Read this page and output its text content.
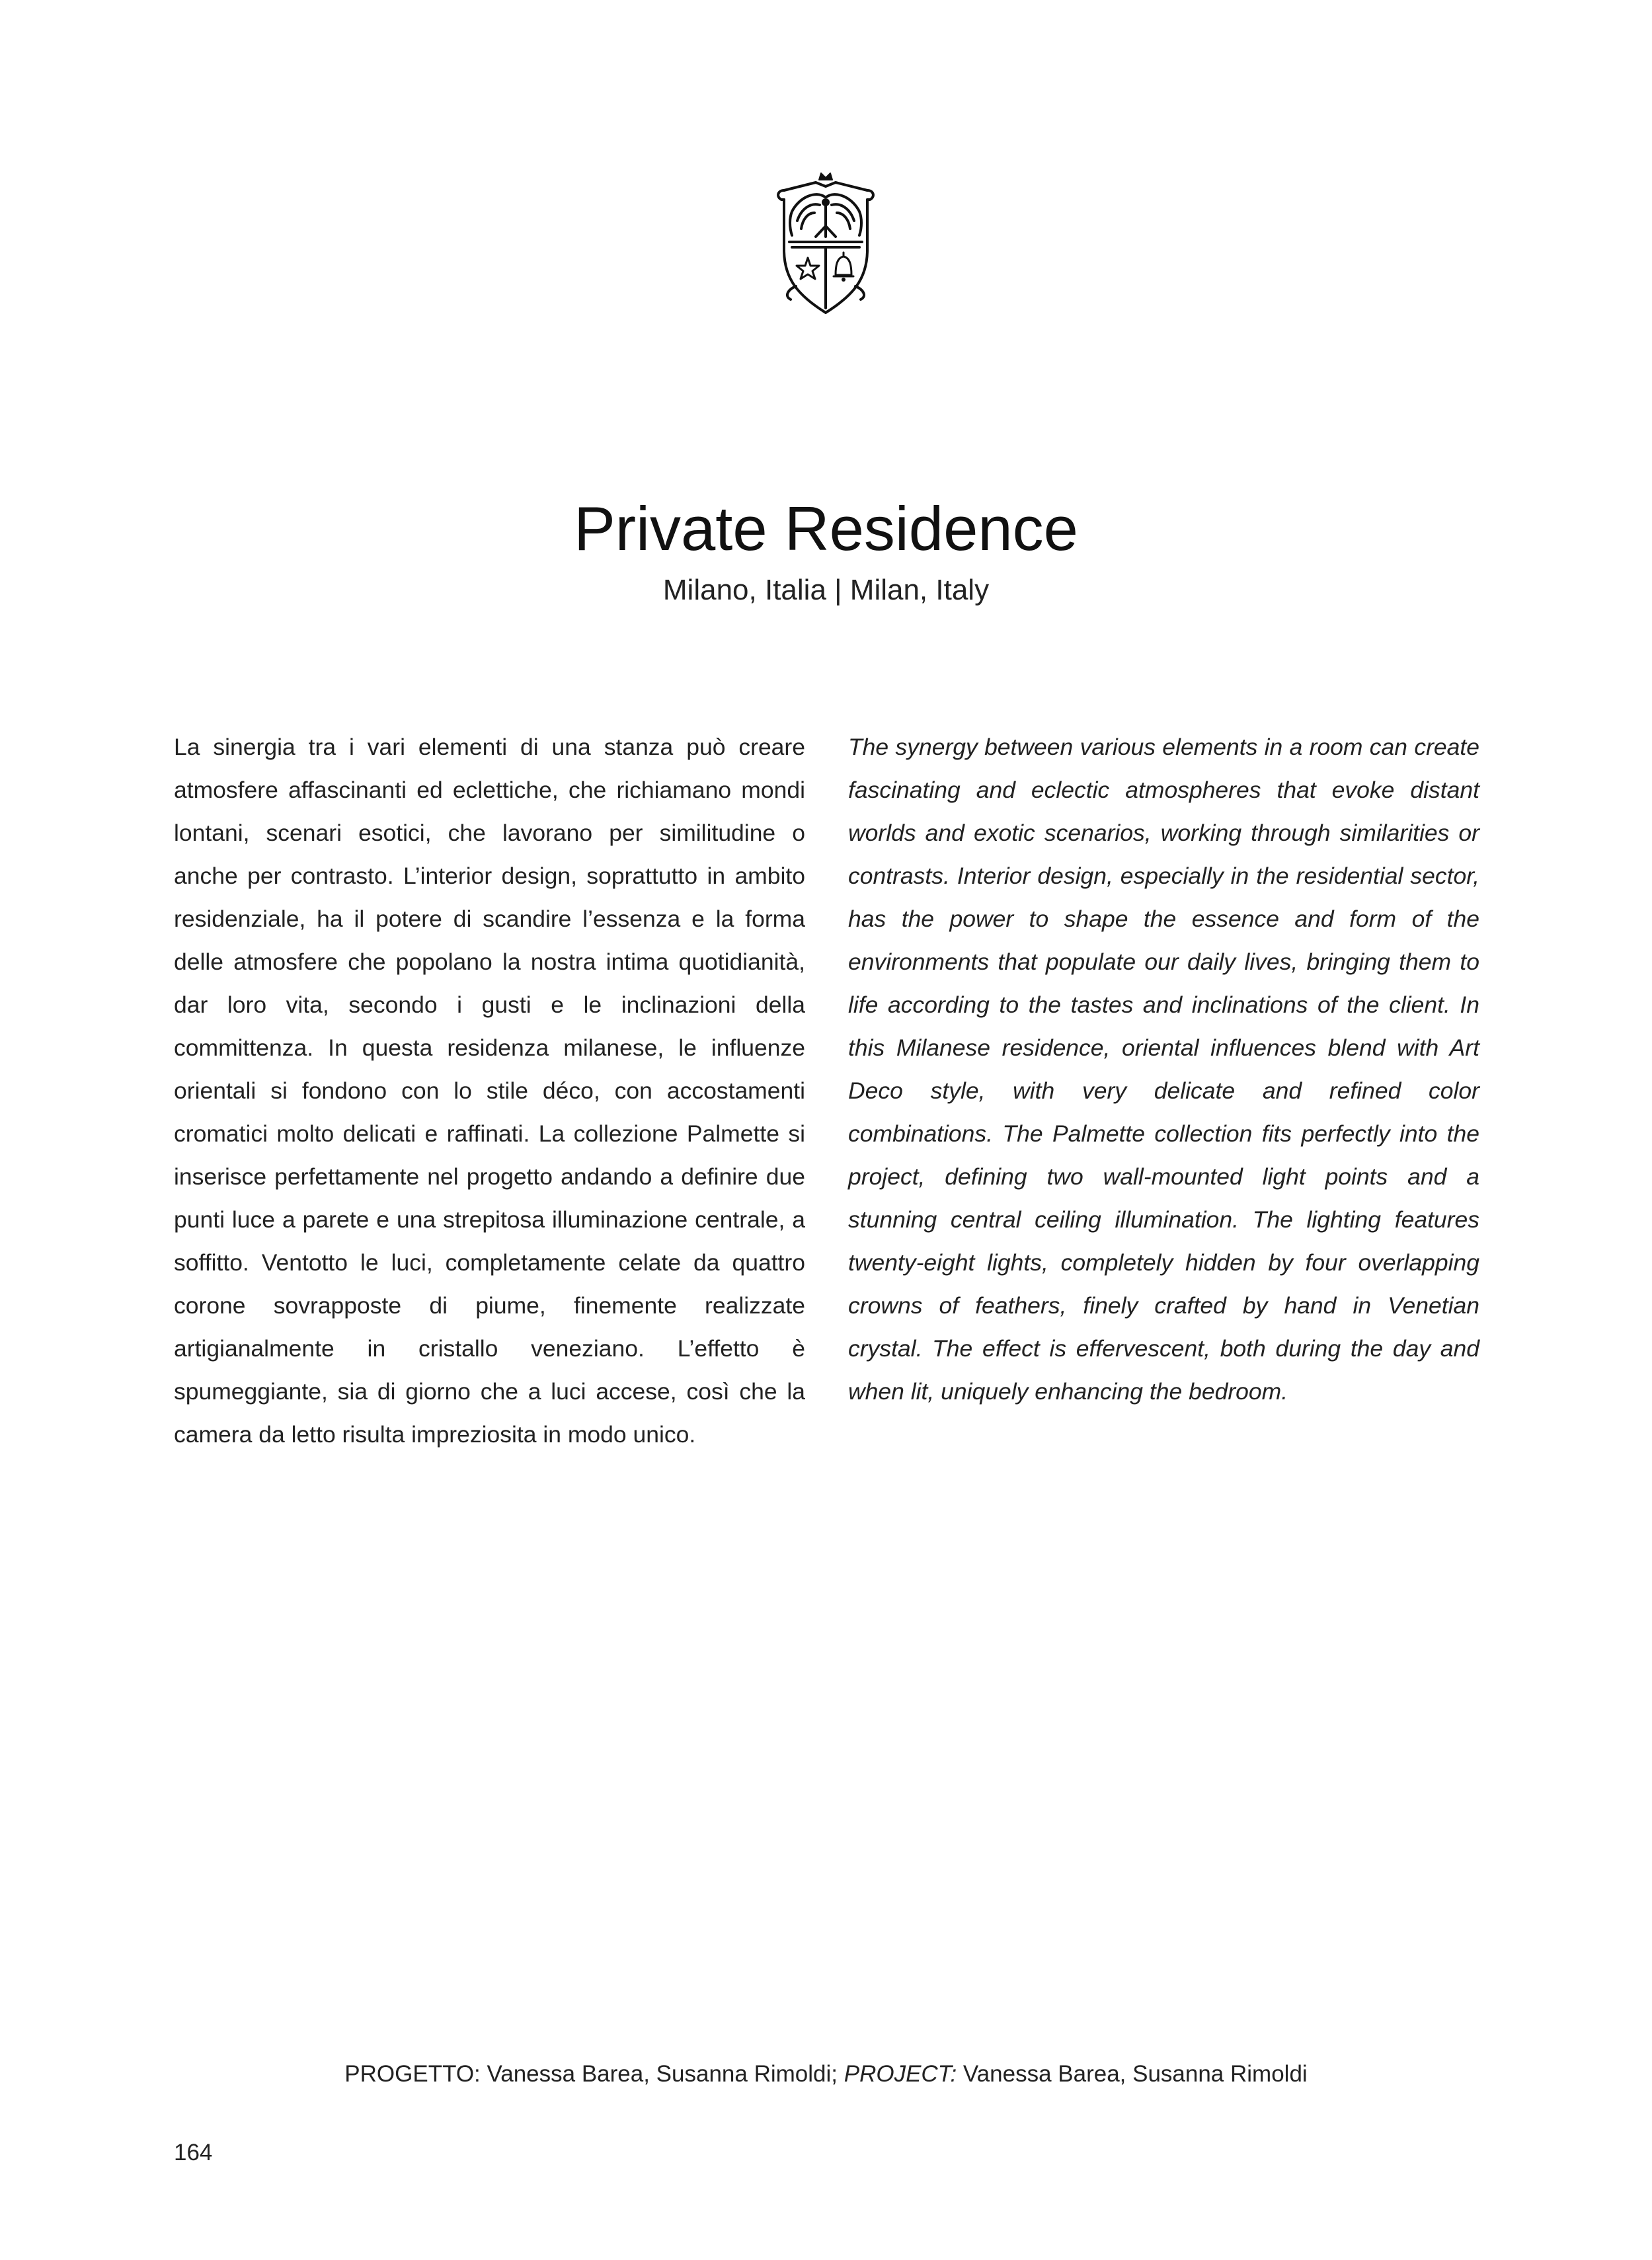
Private Residence
Milano, Italia | Milan, Italy
La sinergia tra i vari elementi di una stanza può creare atmosfere affascinanti ed eclettiche, che richiamano mondi lontani, scenari esotici, che lavorano per similitudine o anche per contrasto. L’interior design, soprattutto in ambito residenziale, ha il potere di scandire l’essenza e la forma delle atmosfere che popolano la nostra intima quotidianità, dar loro vita, secondo i gusti e le inclinazioni della committenza. In questa residenza milanese, le influenze orientali si fondono con lo stile déco, con accostamenti cromatici molto delicati e raffinati. La collezione Palmette si inserisce perfettamente nel progetto andando a definire due punti luce a parete e una strepitosa illuminazione centrale, a soffitto. Ventotto le luci, completamente celate da quattro corone sovrapposte di piume, finemente realizzate artigianalmente in cristallo veneziano. L’effetto è spumeggiante, sia di giorno che a luci accese, così che la camera da letto risulta impreziosita in modo unico.
The synergy between various elements in a room can create fascinating and eclectic atmospheres that evoke distant worlds and exotic scenarios, working through similarities or contrasts. Interior design, especially in the residential sector, has the power to shape the essence and form of the environments that populate our daily lives, bringing them to life according to the tastes and inclinations of the client. In this Milanese residence, oriental influences blend with Art Deco style, with very delicate and refined color combinations. The Palmette collection fits perfectly into the project, defining two wall-mounted light points and a stunning central ceiling illumination. The lighting features twenty-eight lights, completely hidden by four overlapping crowns of feathers, finely crafted by hand in Venetian crystal. The effect is effervescent, both during the day and when lit, uniquely enhancing the bedroom.
PROGETTO: Vanessa Barea, Susanna Rimoldi; PROJECT: Vanessa Barea, Susanna Rimoldi
164
